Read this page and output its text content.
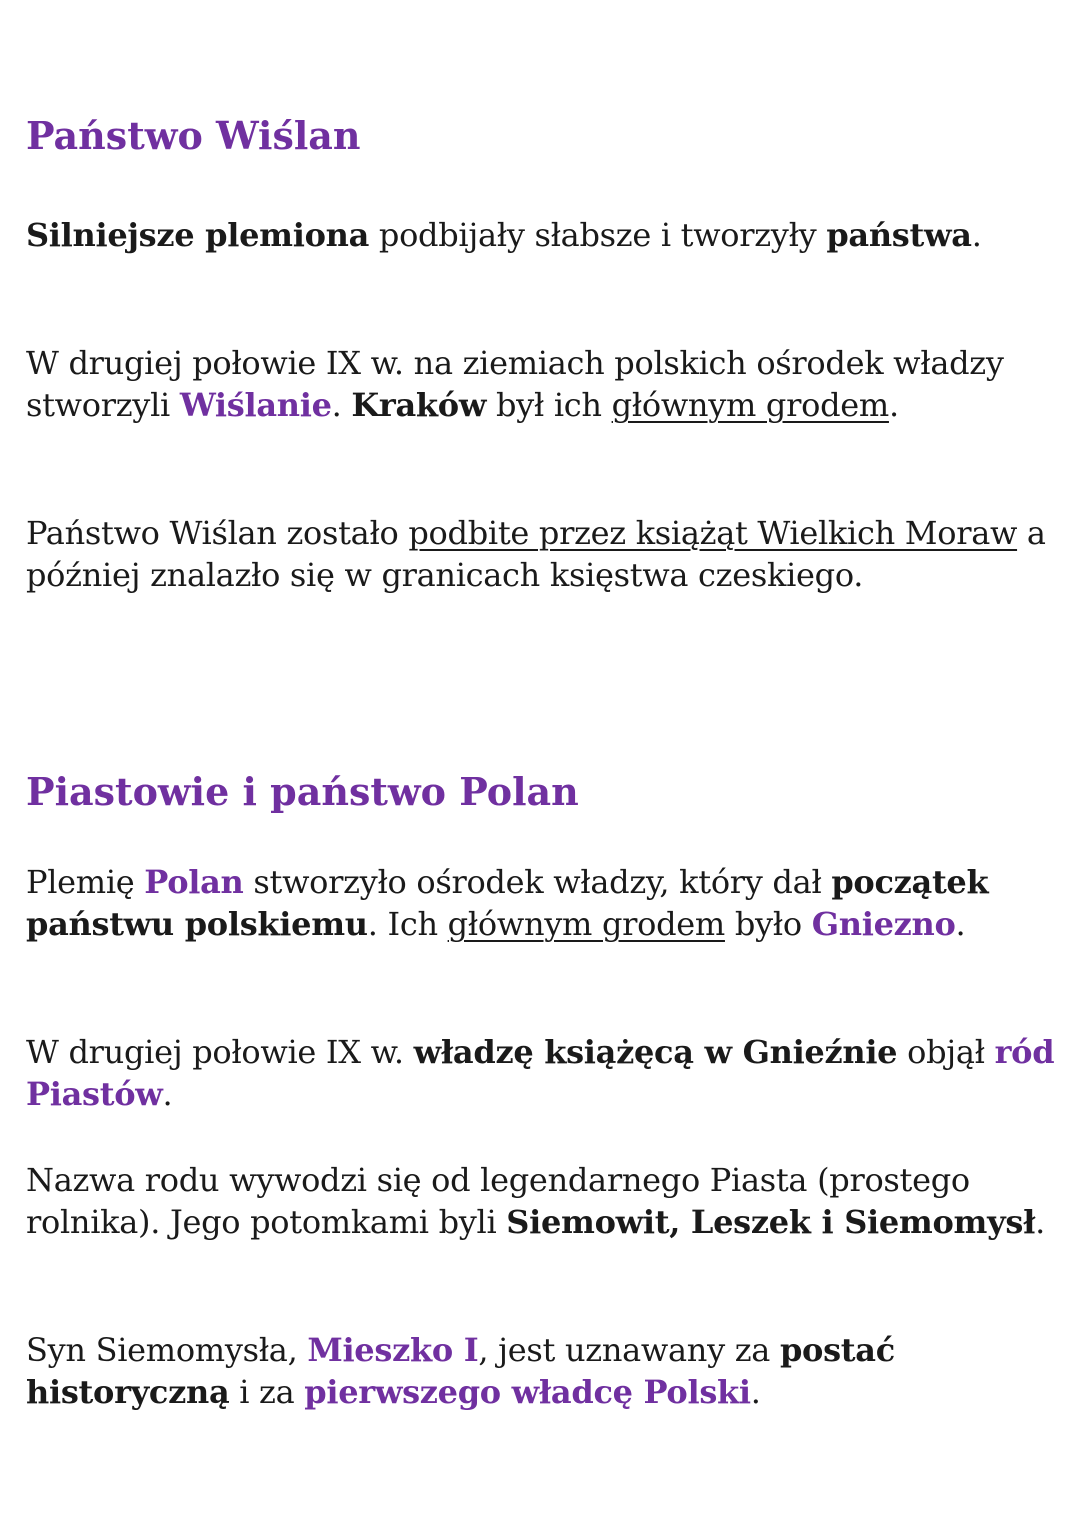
Państwo Wiślan

Silniejsze plemiona podbijały słabsze i tworzyły państwa.

W drugiej połowie IX w. na ziemiach polskich ośrodek władzy stworzyli Wiślanie. Kraków był ich głównym grodem.

Państwo Wiślan zostało podbite przez książąt Wielkich Moraw a później znalazło się w granicach księstwa czeskiego.

Piastowie i państwo Polan

Plemię Polan stworzyło ośrodek władzy, który dał początek państwu polskiemu. Ich głównym grodem było Gniezno.

W drugiej połowie IX w. władzę książęcą w Gnieźnie objął ród Piastów.

Nazwa rodu wywodzi się od legendarnego Piasta (prostego rolnika). Jego potomkami byli Siemowit, Leszek i Siemomysł.

Syn Siemomysła, Mieszko I, jest uznawany za postać historyczną i za pierwszego władcę Polski.
